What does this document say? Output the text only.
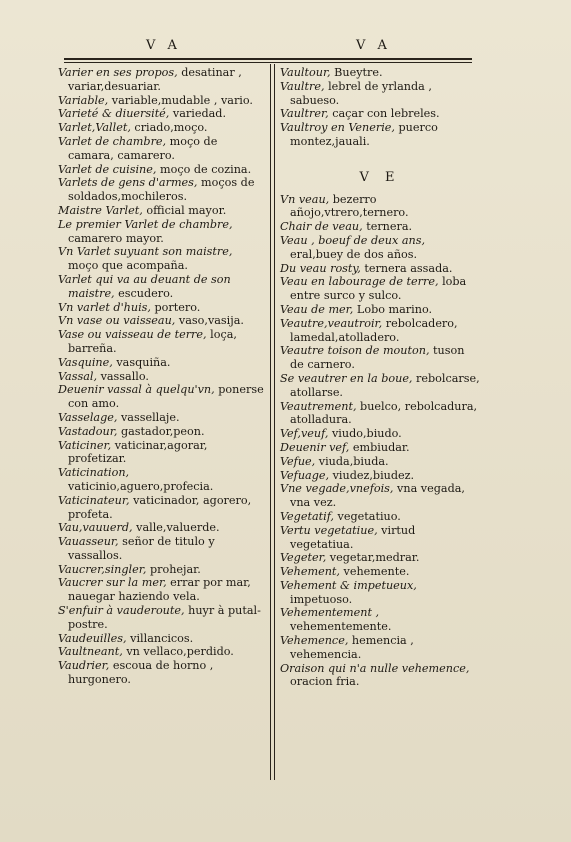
V A	V A

Varier en ses propos, desatinar , variar,desuariar.

Variable, variable,mudable , vario.

Varieté & diuersité, variedad.

Varlet,Vallet, criado,moço.

Varlet de chambre, moço de camara, camarero.

Varlet de cuisine, moço de cozina.

Varlets de gens d'armes, moços de soldados,mochileros.

Maistre Varlet, official mayor.

Le premier Varlet de chambre, camarero mayor.

Vn Varlet suyuant son maistre, moço que acompaña.

Varlet qui va au deuant de son maistre, escudero.

Vn varlet d'huis, portero.

Vn vase ou vaisseau, vaso,vasija.

Vase ou vaisseau de terre, loça, barreña.

Vasquine, vasquiña.

Vassal, vassallo.

Deuenir vassal à quelqu'vn, ponerse con amo.

Vasselage, vassellaje.

Vastadour, gastador,peon.

Vaticiner, vaticinar,agorar, profetizar.

Vaticination, vaticinio,aguero,profecia.

Vaticinateur, vaticinador, agorero, profeta.

Vau,vauuerd, valle,valuerde.

Vauasseur, señor de titulo y vassallos.

Vaucrer,singler, prohejar.

Vaucrer sur la mer, errar por mar, nauegar haziendo vela.

S'enfuir à vauderoute, huyr à putal-postre.

Vaudeuilles, villancicos.

Vaultneant, vn vellaco,perdido.

Vaudrier, escoua de horno , hurgonero.

Vaultour, Bueytre.

Vaultre, lebrel de yrlanda , sabueso.

Vaultrer, caçar con lebreles.

Vaultroy en Venerie, puerco montez,jauali.

V E

Vn veau, bezerro añojo,vtrero,ternero.

Chair de veau, ternera.

Veau , boeuf de deux ans, eral,buey de dos años.

Du veau rosty, ternera assada.

Veau en labourage de terre, loba entre surco y sulco.

Veau de mer, Lobo marino.

Veautre,veautroir, rebolcadero, lamedal,atolladero.

Veautre toison de mouton, tuson de carnero.

Se veautrer en la boue, rebolcarse, atollarse.

Veautrement, buelco, rebolcadura, atolladura.

Vef,veuf, viudo,biudo.

Deuenir vef, embiudar.

Vefue, viuda,biuda.

Vefuage, viudez,biudez.

Vne vegade,vnefois, vna vegada, vna vez.

Vegetatif, vegetatiuo.

Vertu vegetatiue, virtud vegetatiua.

Vegeter, vegetar,medrar.

Vehement, vehemente.

Vehement & impetueux, impetuoso.

Vehementement , vehementemente.

Vehemence, hemencia , vehemencia.

Oraison qui n'a nulle vehemence, oracion fria.
